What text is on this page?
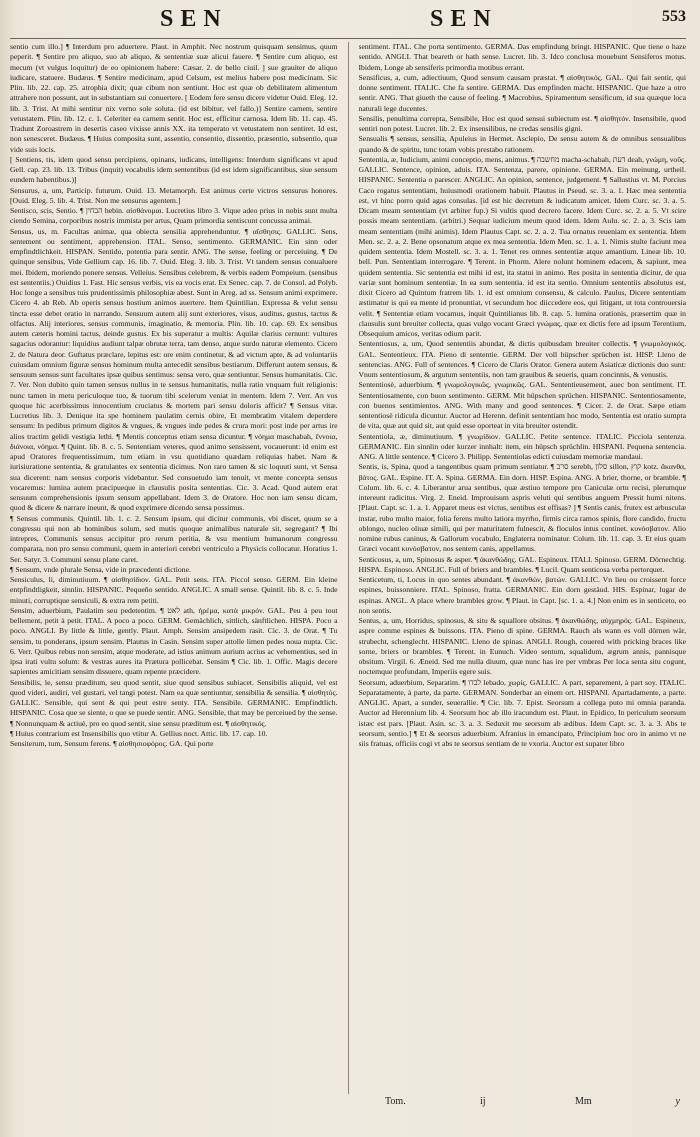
SEN	SEN	553

sentio cum illo.] ¶ Interdum pro aduertere. Plaut. in Amphit. Nec nostrum quisquam sensimus, quum peperit. ¶ Sentire pro aliquo, suo ab aliquo, & sententiæ suæ alicui fauere. ¶ Sentire cum aliquo, est mecum (vt vulgus loquitur) de eo opinionem habere: Cæsar. 2. de bello ciuil. ] sue grauiter de aliquo iudicare, statuere. Budæus. ¶ Sentire medicinam, apud Celsum, est melius habere post medicinam. Sic Plin. lib. 22. cap. 25. atrophia dixit; quæ cibum non sentiunt. Hoc est quæ ob debilitatem alimentum attrahere non possunt, aut in substantiam sui conuertere. [ Eodem fere sensu dicere videtur Ouid. Eleg. 12. lib. 3. Trist. At mihi sentitur nix verno sole soluta. (id est bibitur, vel fallo.)] Sentire carnem, sentire vetustatem. Plin. lib. 12. c. 1. Celeriter ea carnem sentit. Hoc est, efficitur carnosa. Idem lib. 11. cap. 45. Tradunt Zoroastrem in desertis caseo vixisse annis XX. ita temperato vt vetustatem non sentiret. Id est, non senesceret. Budæus. ¶ Huius composita sunt, assentio, consentio, dissentio, præsentio, subsentio, quæ vide suis locis.

[ Sentiens, tis, idem quod sensu percipiens, opinans, iudicans, intelligens: Interdum significans vt apud Gell. cap. 23. lib. 13. Tribus (inquit) vocabulis idem sententibus (id est idem significantibus, siue sensum eundem habentibus.)]

Sensurus, a, um, Particip. futurum. Ouid. 13. Metamorph. Est animus certe victros sensurus honores. [Ouid. Eleg. 5. lib. 4. Trist. Non me sensurus agentem.]

Sentisco, scis, Sentio. ¶ הבחין hebin. αἰσθάνομαι. Lucretius libro 3. Vique adeo prius in nobis sunt multa ciendo Semina, corporibus nostris immista per artus, Quam primordia sentiscunt concussa animai.

Sensus, us, m. Facultas animæ, qua obiecta sensilia apprehenduntur. ¶ αἴσθησις. GALLIC. Sens, sentement ou sentiment, apprehension. ITAL. Senso, sentimento. GERMANIC. Ein sinn oder empfindtlichkeit. HISPAN. Sentido, potentia para sentir. ANG. The sense, feeling or perceiuing. ¶ De quinque sensibus, Vide Gellium cap. 16. lib. 7. Ouid. Eleg. 3. lib. 3. Trist. Vt tandem sensus conualuere mei. Ibidem, moriendo ponere sensus. Velleius. Sensibus celebrem, & verbis eadem Pompeium. (sensibus est sententiis.) Ouidius 1. Fast. Hic sensus verbis, vis ea vocis erat. Ex Senec. cap. 7. de Consol. ad Polyb. Hoc longe a sensibus tuis prudentissimis philosophiæ abest. Sunt in Areg. ad ss. Sensum animi exprimere. Cicero 4. ab Reb. Ab operis sensus hostium animos auertere. Item Quintilian. Expressa & velut sensu tincta esse debet oratio in narrando. Sensuum autem alij sunt exteriores, visus, auditus, gustus, tactus & olfactus. Alij interiores, sensus communis, imaginatio, & memoria. Plin. lib. 10. cap. 69. Ex sensibus autem cæteris homini tactus, deinde gustus. Ex bis superatur a multis: Aquilæ clarius cernunt: vultures sagacius odorantur: liquidius audiunt talpæ obrutæ terra, tam denso, atque surdo naturæ elemento. Cicero 2. de Natura deor. Guftatus præclare, lepitus est: ore enim continetur, & ad victum apte, & ad voluntariis cuiusdam omnium figuræ sensus hominum multa antecedit sensibus bestiarum. Differunt autem sensus, & sensuum sensus sunt facultates ipsæ quibus sentimus: sensa vero, quæ sentiuntur. Sensus humanitatis. Cic. 7. Ver. Non dubito quin tamen sensus nullus in te sensus humanitatis, nulla ratio vnquam fuit religionis: nunc tamen in metu periculoque tuo, & tuorum tibi scelerum veniat in mentem. Idem 7. Verr. An vos quoque hic acerbissimus innocentium cruciatus & mortem pari sensu doloris afficit? ¶ Sensus vitæ. Lucretius lib. 3. Denique ita spe hominem paulatim cernis obire, Et membratim vitalem deperdere sensum: In pedibus primum digitos & vngues, & vngues inde pedes & crura mori: post inde per artus ire alios tractim gelidi vestigia lethi. ¶ Mentis conceptus etiam sensa dicuntur. ¶ νόημα maschabah, ἔννοια, διάνοια, νόημα. ¶ Quint. lib. 8. c. 5. Sententiam veteres, quod animo sensissent, vocauerunt: id enim est apud Oratores frequentissimum, tum etiam in vsu quotidiano quædam reliquias habet. Nam & iurisiuratione sententia, & gratulantes ex sententia dicimus. Non raro tamen & sic loquuti sunt, vt Sensa sua dicerent: nam sensus corporis videbantur. Sed consuetudo iam tenuit, vt mente concepta sensus vocaremus: lumina autem præcipueque in clausulis posita sententias. Cic. 3. Acad. Quod autem erat sensuum comprehensionis ipsum sensum appellabant. Idem 3. de Oratore. Hoc non iam sensu dicam, quod & dicere & narrare ineunt, & quod exprimere dicendo sensa possimus.

¶ Sensus communis. Quintil. lib. 1. c. 2. Sensum ipsum, qui dicitur communis, vbi discet, quum se a congressu qui non ab hominibus solum, sed mutis quoque animalibus naturale sit, segregant? ¶ Ibi intrepres, Communis sensus accipitur pro rerum peritia, & vsu mentium humanorum congressu comparata, non pro sensu communi, quem in anteriori cerebri ventriculo a Physicis collocatur. Horatius 1. Ser. Satyr. 3. Communi sensu plane caret.

¶ Sensum, vnde plurale Sensa, vide in præcedenti dictione.

Sensiculus, li, diminutiuum. ¶ αἰσθησίδιον. GAL. Petit sens. ITA. Piccol senso. GERM. Ein kleine entpfindtligkeit, sinnlin. HISPANIC. Pequeño sentido. ANGLIC. A small sense. Quintil. lib. 8. c. 5. Inde minuti, corruptique sensiculi, & extra rem petiti.

Sensim, aduerbium, Paulatim seu pedetentim. ¶ לאט ath, ἠρέμα, κατὰ μικρόν. GAL. Peu à peu tout bellement, petit à petit. ITAL. A poco a poco. GERM. Gemächlich, sittlich, sänftlichen. HISPA. Poco a poco. ANGLI. By little & little, gently. Plaut. Amph. Sensim ansipedem rasit. Cic. 3. de Orat. ¶ Tu sensim, tu ponderans, ipsum sensim. Plautus in Casin. Sensim super attolle limen pedes noua nupta. Cic. 6. Verr. Quibus rebus non sensim, atque moderate, ad istius animum aurium acrius ac vehementius, sed in ipsa irati vultu solum: & vestras aures ita Prætura pollicebat. Sensim ¶ Cic. lib. 1. Offic. Magis decere sapientes amicitiam sensim dissuere, quam repente præcidere.

Sensibilis, le, sensu præditum, seu quod sentit, siue quod sensibus subiacet. Sensibilis aliquid, vel est quod videri, audiri, vel gustari, vel tangi potest. Nam ea quæ sentiuntur, sensibilia & sensilia. ¶ αἰσθητός. GALLIC. Sensible, qui sent & qui peut estre senty. ITA. Sensibile. GERMANIC. Empfindtlich. HISPANIC. Cosa que se siente, o que se puede sentir. ANG. Sensible, that may be perceiued by the sense. ¶ Nonnunquam & actiuè, pro eo quod sentit, siue sensu præditum est. ¶ αἰσθητικός.

¶ Huius contrarium est Insensibilis quo vtitur A. Gellius noct. Attic. lib. 17. cap. 10.

Sensiterum, tum, Sensum ferens. ¶ αἰσθησιοφόρος. GA. Qui porte

sentiment. ITAL. Che porta sentimento. GERMA. Das empfindung bringt. HISPANIC. Que tiene o haze sentido. ANGLI. That beareth or hath sense. Lucret. lib. 3. Idco conclusa mouebunt Sensiferos motus. Ibidem, Longe ab sensiferis primordia motibus errant.

Sensificus, a, cum, adiectiuum, Quod sensum causam præstat. ¶ αἰσθητικός. GAL. Qui fait sentir, qui donne sentiment. ITALIC. Che fa sentire. GERMA. Das empfinden macht. HISPANIC. Que haze a otro sentir. ANG. That giueth the cause of feeling. ¶ Macrobius, Spiramentum sensificum, id sua quæque loca naturali lege ducentes.

Sensilis, penultima correpta, Sensibile, Hoc est quod sensui subiectum est. ¶ αἰσθητόν. Insensibile, quod sentiri non potest. Lucret. lib. 2. Ex insensilibus, ne credas sensilis gigni.

Sensualis ¶ sensus, sensilia, Apuleius in Hermet. Asclepio, De sensu autem & de omnibus sensualibus quando & de spiritu, tunc totam vobis prestabo rationem.

Sententia, æ, Iudicium, animi conceptio, mens, animus. ¶ מחשבה macha-schabah, דעת deah, γνώμη, νοῦς. GALLIC. Sentence, opinion, aduis. ITA. Sentenza, parere, opinione. GERMA. Ein meinung, urtheil. HISPANIC. Sententia o parescer. ANGLIC. An opinion, sentence, judgement. ¶ Sallustius vt. M. Porcius Caco rogatus sententiam, huiusmodi orationem habuit. Plautus in Pseud. sc. 3. a. 1. Hæc mea sententia est, vt hinc porro quid agas consulas. [id est hic decretum & iudicatum amicet. Idem Curc. sc. 3. a. 5. Dicam meam sententiam (vt arbiter fup.) Si vultis quod decrero facere. Idem Curc. sc. 2. a. 5. Vt scire possis meam sententiam. (arbitri.) Sequar iudicium meum quod idem. Idem Aulu. sc. 2. a. 3. Scis iam meam sententiam (mihi animis). Idem Plautus Capt. sc. 2. a. 2. Tua ornatus reueniam ex sententia. Idem Men. sc. 2. a. 2. Bene opsonatum atque ex mea sententia. Idem Men. sc. 1. a. 1. Nimis stulte faciunt mea quidem sententia. Idem Mostell. sc. 3. a. 1. Tenet res omnes sententiæ atque amantium. Lineæ lib. 10. bell. Pun. Sententiam interrogare. ¶ Terent. in Phorm. Alere nolunt hominem edacem, & sapiunt, mea quidem sententia. Sic sententia est mihi id est, ita statui in animo. Res posita in sententia dicitur, de qua variæ sunt hominum sententiæ. In ea sum sententia. id est ita sentio. Omnium sententiis absolutus est, dixit Cicero ad Quintum fratrem lib. 1. id est omnium consensu, & calculo. Paulus, Dicere sententiam æstimatur is qui ea mente id pronuntiat, vt secundum hoc diiccedere eos, qui litigant, ut tota controuersia velit. ¶ Sententiæ etiam vocamus, inquit Quintilianus lib. 8. cap. 5. lumina orationis, præsertim quæ in clausulis sunt breuiter collecta, quas vulgo vocant Græci γνώμας, quæ ex dictis fere ad ipsum Terentium, Obsequium amicos, veritas odium parit.

Sententiosus, a, um, Quod sententiis abundat, & dictis quibusdam breuiter collectis. ¶ γνωμολογικός. GAL. Sententieux. ITA. Pieno di sententie. GERM. Der voll hüpscher sprüchen ist. HISP. Lleno de sentencias. ANG. Full of sentences. ¶ Cicero de Claris Orator. Genera autem Asiaticæ dictionis duo sunt: Vnum sententiosum, & argutum sententiis, non tam grauibus & seueris, quam concinnis, & venustis.

Sententiosè, aduerbium. ¶ γνωμολογικῶς, γνωμικῶς. GAL. Sententieusement, auec bon sentiment. IT. Sententiosamente, con buon sentimento. GERM. Mit hüpschen sprüchen. HISPANIC. Sententiosamente, con buenos sentimientos. ANG. With many and good sentences. ¶ Cicer. 2. de Orat. Sæpe etiam sententiosè ridicula dicuntur. Auctor ad Herenn. definit sententiam hoc modo, Sententia est oratio sumpta de vita, quæ aut quid sit, aut quid esse oporteat in vita breuiter ostendit.

Sententiola, æ, diminutiuum. ¶ γνωμίδιον. GALLIC. Petite sentence. ITALIC. Picciola sentenza. GERMANIC. Ein sinnlin oder kurzer innhalt: item, ein hüpsch sprüchlin. HISPANI. Pequena sentencia. ANG. A little sentence. ¶ Cicero 3. Philipp. Sententiolas edicti cuiusdam memoriæ mandaui.

Sentis, is, Spina, quod a tangentibus quam primum sentiatur. ¶ סרב serebh, סלון sillon, קוץ kotz. ἄκανθα, βάτος. GAL. Espine. IT. A. Spina. GERMA. Ein dorn. HISP. Espina. ANG. A brier, thorne, or bramble. ¶ Colum. lib. 6. c. 4. Liberantur arua sentibus, quæ æstiuo tempore pro Caniculæ ortu recisi, plerumque intereunt radicitus. Virg. 2. Eneid. Improuisum aspris veluti qui sentibus anguem Pressit humi nitens. [Plaut. Capt. sc. 1. a. 1. Apparet meus est victus, sentibus est effisas? ] ¶ Sentis canis, frutex est arbusculæ instar, rubo multo maior, folia ferens multo latiora myrrho, firmis circa ramos spinis, flore candido, fructu oblongo, nucleo oliuæ simili, qui per maturitatem fulnescit, & floculos intus continet. κυνόσβατον. Alio nomine rubus caninus, & Gallorum vocabulo, Englaterra nominatur. Colum. lib. 11. cap. 3. Et eius quam Græci vocant κυνόσβατον, nos sentem canis, appellamus.

Senticosus, a, um, Spinosus & asper. ¶ ἀκανθώδης. GAL. Espineux. ITALI. Spinoso. GERM. Dörnechtig. HISPA. Espinoso. ANGLIC. Full of briers and brambles. ¶ Lucil. Quam senticosa verba pertorquet.

Senticetum, ti, Locus in quo sentes abundant. ¶ ἀκανθών, βατών. GALLIC. Vn lieu ou croissent force espines, buissonniere. ITAL. Spinoso, fratta. GERMANIC. Ein dorn gestäud. HIS. Espinar, lugar de espinas. ANGL. A place where brambles grow. ¶ Plaut. in Capt. [sc. 1. a. 4.] Non enim es in senticeto, eo non sentis.

Sentus, a, um, Horridus, spinosus, & situ & squallore obsitus. ¶ ἀκανθώδης, αὐχμηρός. GAL. Espineux, aspre comme espines & buissons. ITA. Pieno di spine. GERMA. Rauch als wann es voll dörnen wär, strubecht, schenglecht. HISPANIC. Lleno de spinas. ANGLI. Rough, couered with pricking braces like sorne, briers or brambles. ¶ Terent. in Eunuch. Video sentum, squalidum, ægrum annis, pannisque obsitum. Virgil. 6. Æneid. Sed me nulla diuum, quæ nunc has ire per vmbras Per loca senta situ cogunt, noctemque profundam, Imperiis egere suis.

Seorsum, aduerbium, Separatim. ¶ לבדו lebado, χωρίς. GALLIC. A part, separement, à part soy. ITALIC. Separatamente, à parte, da parte. GERMAN. Sonderbar an einem ort. HISPANI. Apartadamente, a parte. ANGLIC. Apart, a sunder, seuerallie. ¶ Cic. lib. 7. Epist. Seorsum a collega puto mi omnia paranda. Auctor ad Herennium lib. 4. Seorsum hoc ab illo iracundum est. Plaut. in Epidico, In periculum seorsum istæc est pars. [Plaut. Asin. sc. 3. a. 3. Seduxit me seorsum ab ædibus. Idem Capt. sc. 3. a. 3. Abs te seorsum, sentio.] ¶ Et & seorsus aduerbium. Afranius in emancipato, Principium hoc oro in animo vt ne siis fratuas, officiis cogi vt abs te seorsus sentiam de te vxoria. Auctor est supater libro

Tom.	ij	Mm	y
